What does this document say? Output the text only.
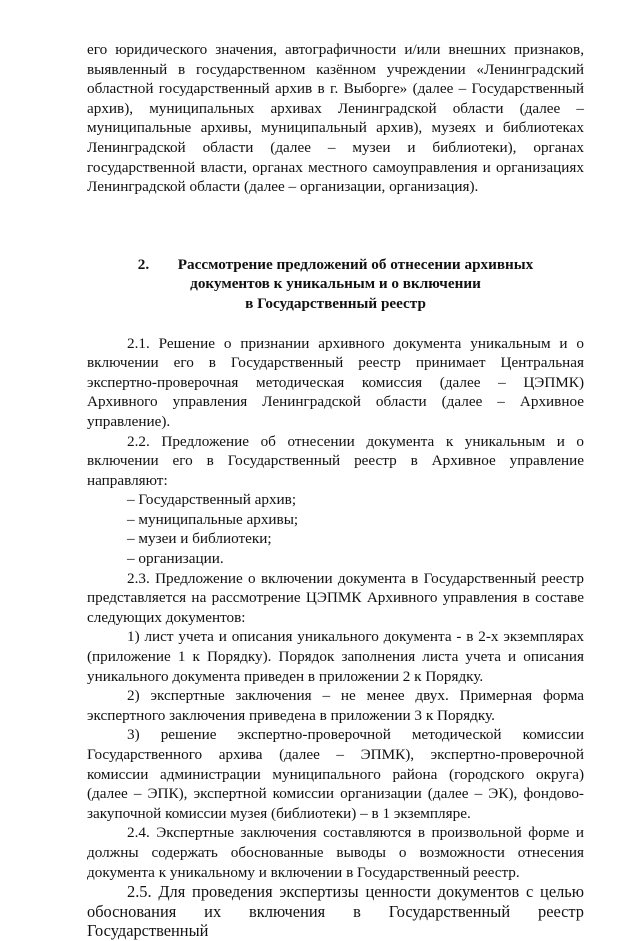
его юридического значения, автографичности и/или внешних признаков, выявленный в государственном казённом учреждении «Ленинградский областной государственный архив в г. Выборге» (далее – Государственный архив), муниципальных архивах Ленинградской области (далее – муниципальные архивы, муниципальный архив), музеях и библиотеках Ленинградской области (далее – музеи и библиотеки), органах государственной власти, органах местного самоуправления и организациях Ленинградской области (далее – организации, организация).

2. Рассмотрение предложений об отнесении архивных
документов к уникальным и о включении
в Государственный реестр

2.1. Решение о признании архивного документа уникальным и о включении его в Государственный реестр принимает Центральная экспертно-проверочная методическая комиссия (далее – ЦЭПМК) Архивного управления Ленинградской области (далее – Архивное управление).

2.2. Предложение об отнесении документа к уникальным и о включении его в Государственный реестр в Архивное управление направляют:

– Государственный архив;
– муниципальные архивы;
– музеи и библиотеки;
– организации.

2.3. Предложение о включении документа в Государственный реестр представляется на рассмотрение ЦЭПМК Архивного управления в составе следующих документов:

1) лист учета и описания уникального документа - в 2-х экземплярах (приложение 1 к Порядку). Порядок заполнения листа учета и описания уникального документа приведен в приложении 2 к Порядку.

2) экспертные заключения – не менее двух. Примерная форма экспертного заключения приведена в приложении 3 к Порядку.

3) решение экспертно-проверочной методической комиссии Государственного архива (далее – ЭПМК), экспертно-проверочной комиссии администрации муниципального района (городского округа) (далее – ЭПК), экспертной комиссии организации (далее – ЭК), фондово-закупочной комиссии музея (библиотеки) – в 1 экземпляре.

2.4. Экспертные заключения составляются в произвольной форме и должны содержать обоснованные выводы о возможности отнесения документа к уникальному и включении в Государственный реестр.

2.5. Для проведения экспертизы ценности документов с целью обоснования их включения в Государственный реестр Государственный
